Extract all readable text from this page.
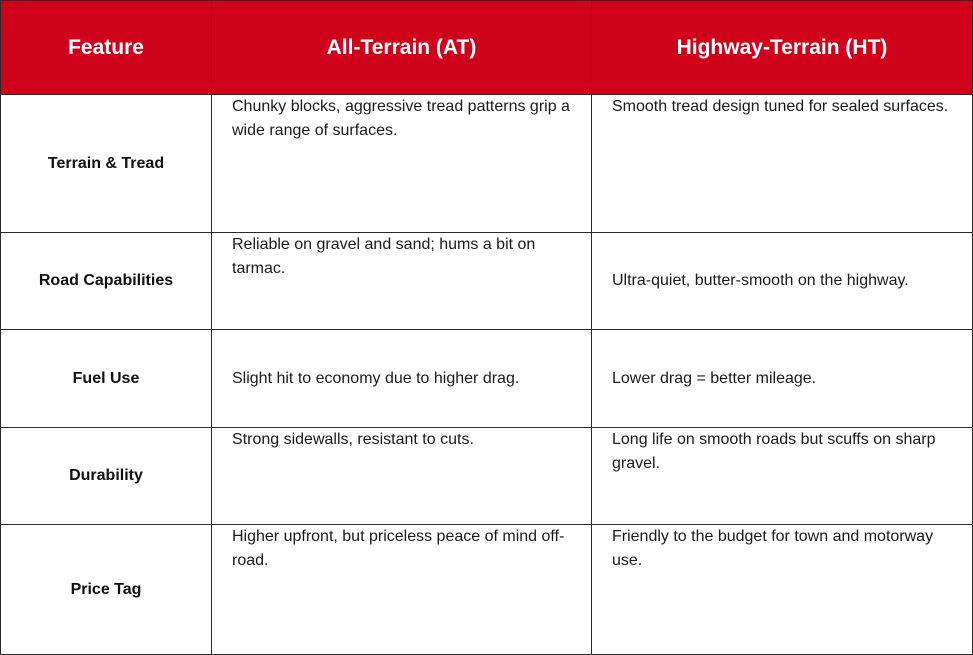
Feature	All-Terrain (AT)	Highway-Terrain (HT)
Terrain & Tread	Chunky blocks, aggressive tread patterns grip a wide range of surfaces.	Smooth tread design tuned for sealed surfaces.
Road Capabilities	Reliable on gravel and sand; hums a bit on tarmac.	Ultra-quiet, butter-smooth on the highway.
Fuel Use	Slight hit to economy due to higher drag.	Lower drag = better mileage.
Durability	Strong sidewalls, resistant to cuts.	Long life on smooth roads but scuffs on sharp gravel.
Price Tag	Higher upfront, but priceless peace of mind off-road.	Friendly to the budget for town and motorway use.
